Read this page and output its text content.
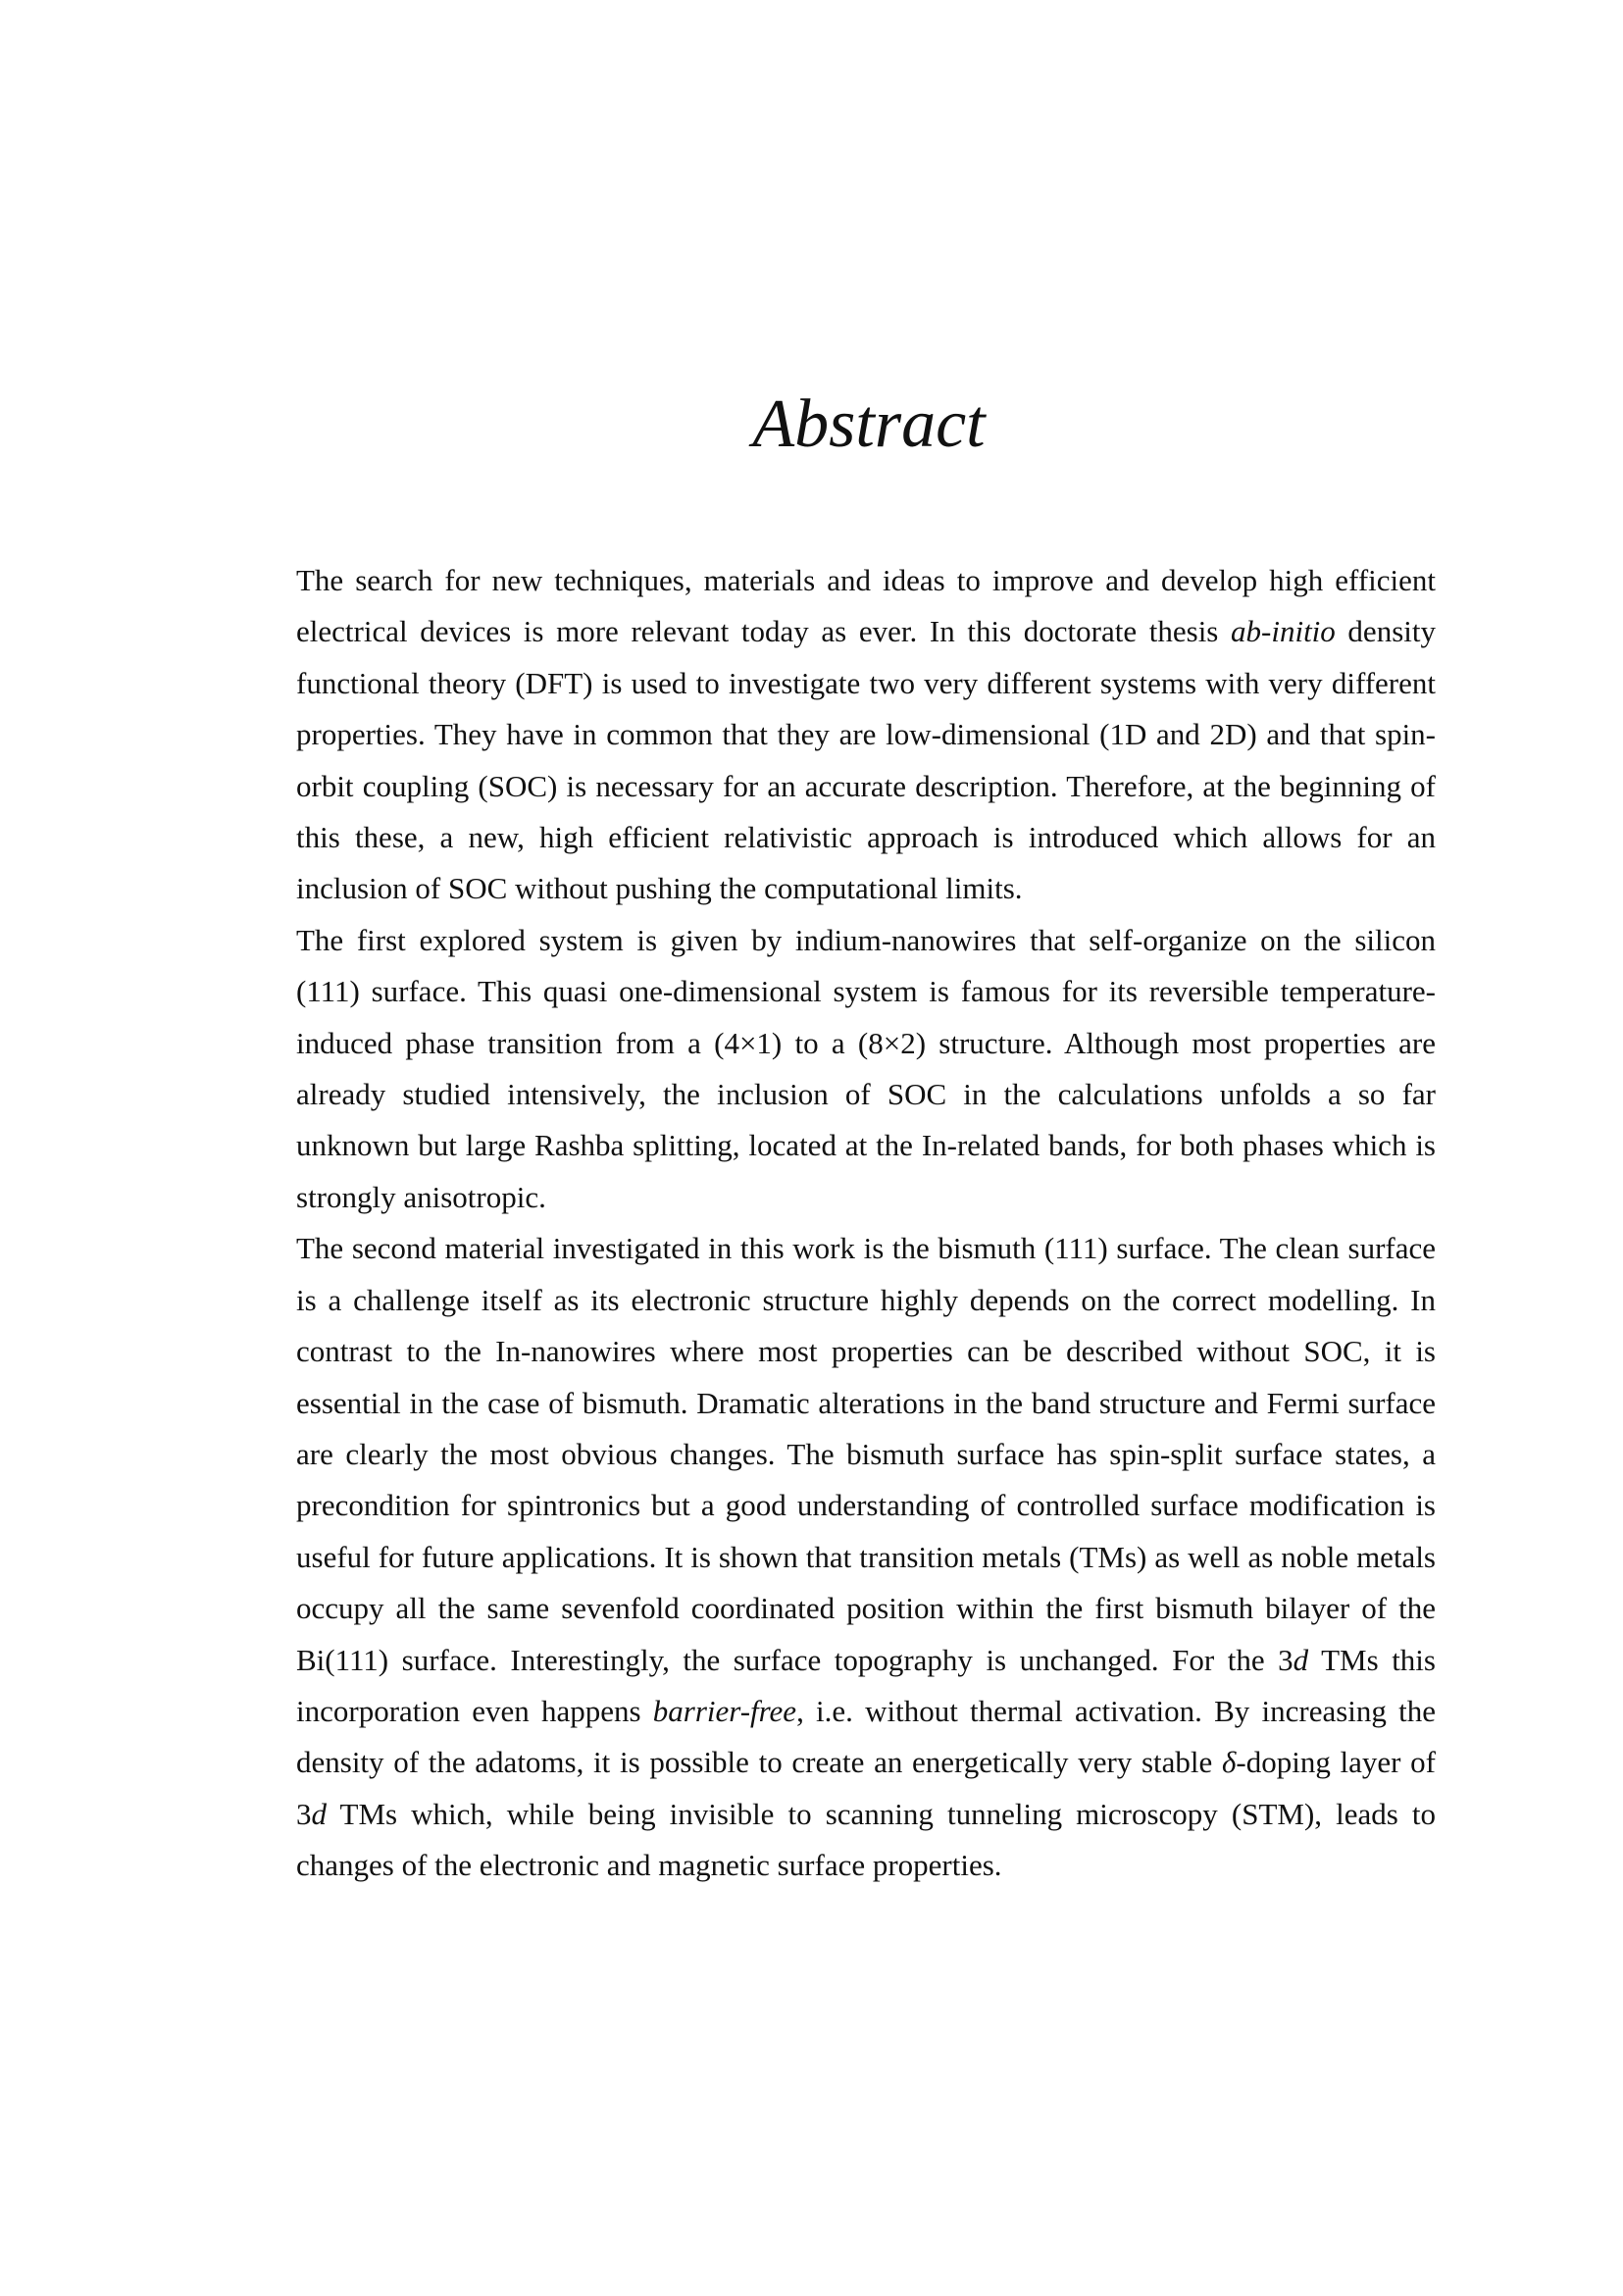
Abstract

The search for new techniques, materials and ideas to improve and develop high efficient electrical devices is more relevant today as ever. In this doctorate thesis ab-initio density functional theory (DFT) is used to investigate two very different systems with very different properties. They have in common that they are low-dimensional (1D and 2D) and that spin-orbit coupling (SOC) is necessary for an accurate description. Therefore, at the beginning of this these, a new, high efficient relativistic approach is introduced which allows for an inclusion of SOC without pushing the computational limits.

The first explored system is given by indium-nanowires that self-organize on the silicon (111) surface. This quasi one-dimensional system is famous for its reversible temperature-induced phase transition from a (4×1) to a (8×2) structure. Although most properties are already studied intensively, the inclusion of SOC in the calculations unfolds a so far unknown but large Rashba splitting, located at the In-related bands, for both phases which is strongly anisotropic.

The second material investigated in this work is the bismuth (111) surface. The clean surface is a challenge itself as its electronic structure highly depends on the correct modelling. In contrast to the In-nanowires where most properties can be described without SOC, it is essential in the case of bismuth. Dramatic alterations in the band structure and Fermi surface are clearly the most obvious changes. The bismuth surface has spin-split surface states, a precondition for spintronics but a good understanding of controlled surface modification is useful for future applications. It is shown that transition metals (TMs) as well as noble metals occupy all the same sevenfold coordinated position within the first bismuth bilayer of the Bi(111) surface. Interestingly, the surface topography is unchanged. For the 3d TMs this incorporation even happens barrier-free, i.e. without thermal activation. By increasing the density of the adatoms, it is possible to create an energetically very stable δ-doping layer of 3d TMs which, while being invisible to scanning tunneling microscopy (STM), leads to changes of the electronic and magnetic surface properties.
